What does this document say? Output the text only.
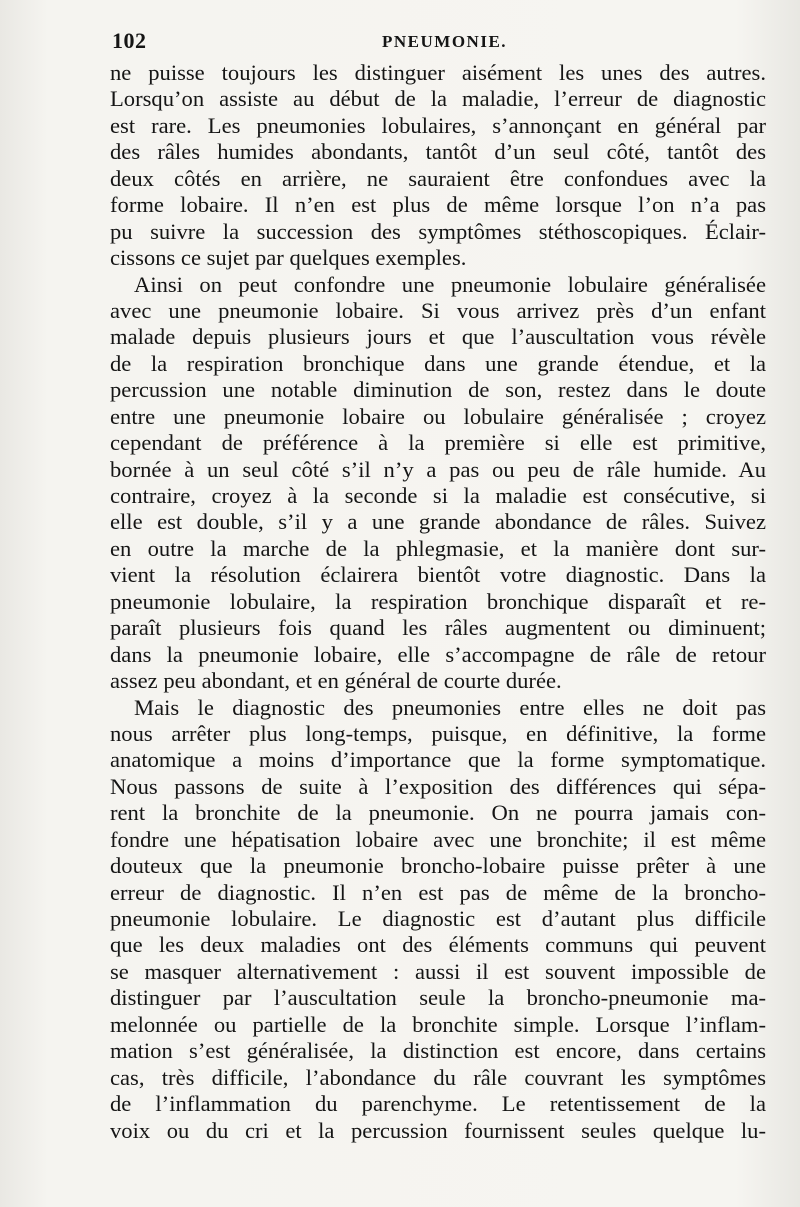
102	PNEUMONIE.
ne puisse toujours les distinguer aisément les unes des autres.
Lorsqu’on assiste au début de la maladie, l’erreur de diagnostic
est rare. Les pneumonies lobulaires, s’annonçant en général par
des râles humides abondants, tantôt d’un seul côté, tantôt des
deux côtés en arrière, ne sauraient être confondues avec la
forme lobaire. Il n’en est plus de même lorsque l’on n’a pas
pu suivre la succession des symptômes stéthoscopiques. Éclair-
cissons ce sujet par quelques exemples.
Ainsi on peut confondre une pneumonie lobulaire généralisée
avec une pneumonie lobaire. Si vous arrivez près d’un enfant
malade depuis plusieurs jours et que l’auscultation vous révèle
de la respiration bronchique dans une grande étendue, et la
percussion une notable diminution de son, restez dans le doute
entre une pneumonie lobaire ou lobulaire généralisée ; croyez
cependant de préférence à la première si elle est primitive,
bornée à un seul côté s’il n’y a pas ou peu de râle humide. Au
contraire, croyez à la seconde si la maladie est consécutive, si
elle est double, s’il y a une grande abondance de râles. Suivez
en outre la marche de la phlegmasie, et la manière dont sur-
vient la résolution éclairera bientôt votre diagnostic. Dans la
pneumonie lobulaire, la respiration bronchique disparaît et re-
paraît plusieurs fois quand les râles augmentent ou diminuent;
dans la pneumonie lobaire, elle s’accompagne de râle de retour
assez peu abondant, et en général de courte durée.
Mais le diagnostic des pneumonies entre elles ne doit pas
nous arrêter plus long-temps, puisque, en définitive, la forme
anatomique a moins d’importance que la forme symptomatique.
Nous passons de suite à l’exposition des différences qui sépa-
rent la bronchite de la pneumonie. On ne pourra jamais con-
fondre une hépatisation lobaire avec une bronchite; il est même
douteux que la pneumonie broncho-lobaire puisse prêter à une
erreur de diagnostic. Il n’en est pas de même de la broncho-
pneumonie lobulaire. Le diagnostic est d’autant plus difficile
que les deux maladies ont des éléments communs qui peuvent
se masquer alternativement : aussi il est souvent impossible de
distinguer par l’auscultation seule la broncho-pneumonie ma-
melonnée ou partielle de la bronchite simple. Lorsque l’inflam-
mation s’est généralisée, la distinction est encore, dans certains
cas, très difficile, l’abondance du râle couvrant les symptômes
de l’inflammation du parenchyme. Le retentissement de la
voix ou du cri et la percussion fournissent seules quelque lu-
